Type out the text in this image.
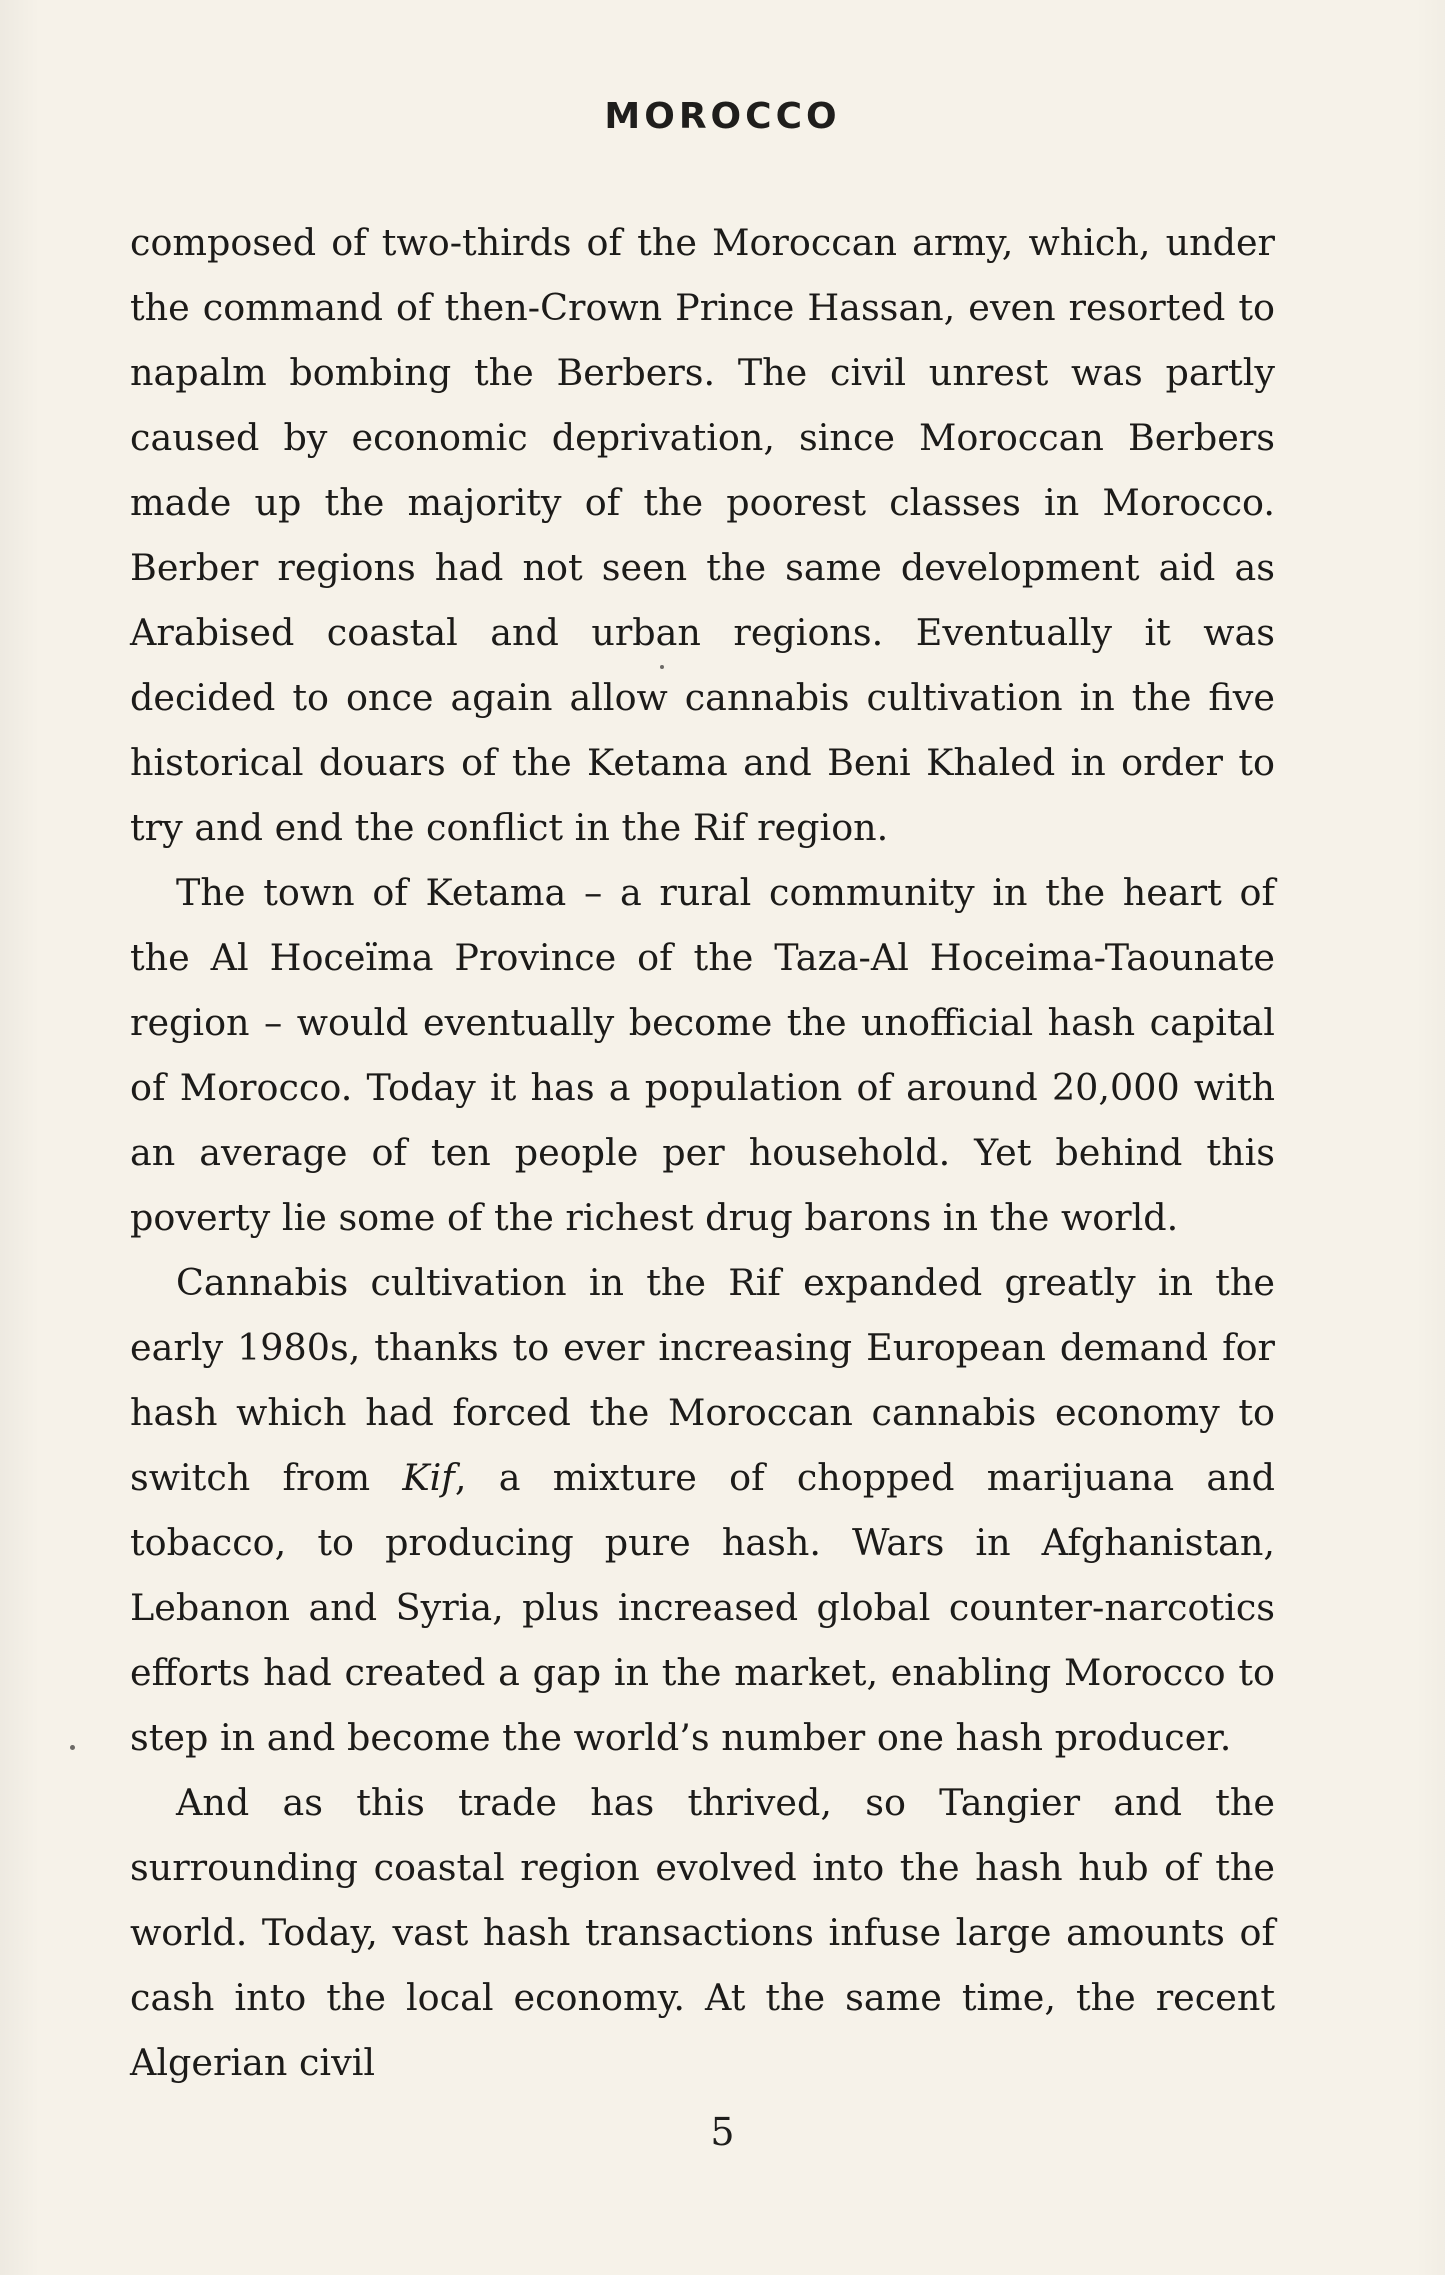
MOROCCO

composed of two-thirds of the Moroccan army, which, under the command of then-Crown Prince Hassan, even resorted to napalm bombing the Berbers. The civil unrest was partly caused by economic deprivation, since Moroccan Berbers made up the majority of the poorest classes in Morocco. Berber regions had not seen the same development aid as Arabised coastal and urban regions. Eventually it was decided to once again allow cannabis cultivation in the five historical douars of the Ketama and Beni Khaled in order to try and end the conflict in the Rif region.

The town of Ketama – a rural community in the heart of the Al Hoceïma Province of the Taza-Al Hoceima-Taounate region – would eventually become the unofficial hash capital of Morocco. Today it has a population of around 20,000 with an average of ten people per household. Yet behind this poverty lie some of the richest drug barons in the world.

Cannabis cultivation in the Rif expanded greatly in the early 1980s, thanks to ever increasing European demand for hash which had forced the Moroccan cannabis economy to switch from Kif, a mixture of chopped marijuana and tobacco, to producing pure hash. Wars in Afghanistan, Lebanon and Syria, plus increased global counter-narcotics efforts had created a gap in the market, enabling Morocco to step in and become the world’s number one hash producer.

And as this trade has thrived, so Tangier and the surrounding coastal region evolved into the hash hub of the world. Today, vast hash transactions infuse large amounts of cash into the local economy. At the same time, the recent Algerian civil

5
